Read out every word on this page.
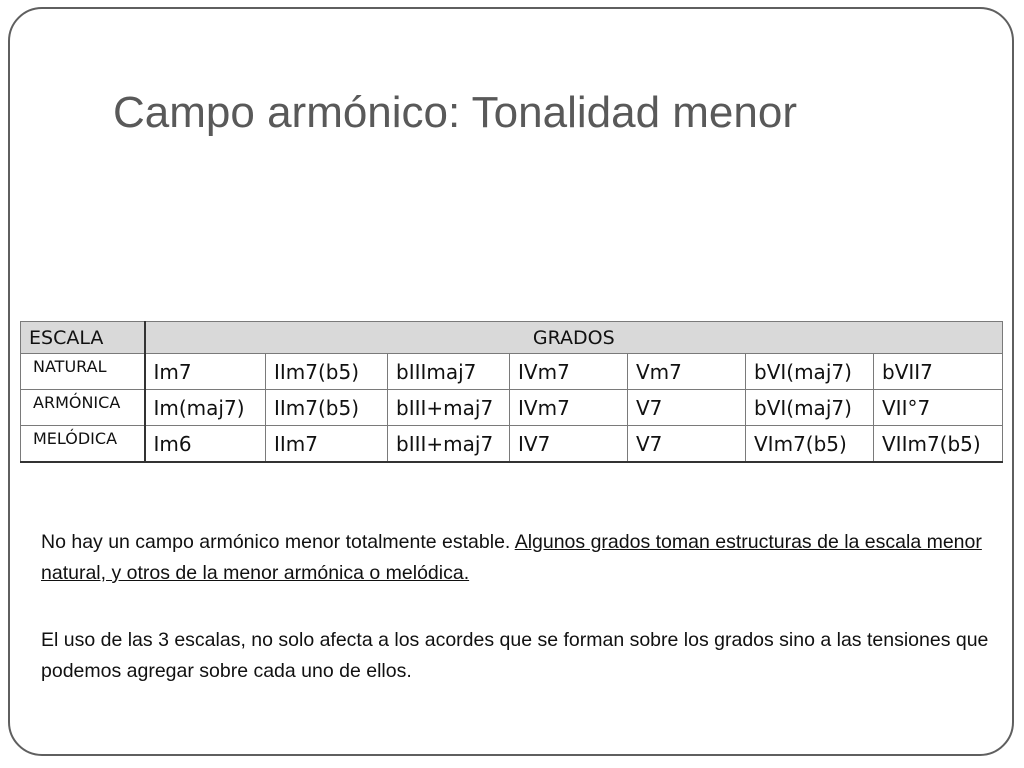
Campo armónico: Tonalidad menor
ESCALA	GRADOS						
NATURAL	Im7	IIm7(b5)	bIIImaj7	IVm7	Vm7	bVI(maj7)	bVII7
ARMÓNICA	Im(maj7)	IIm7(b5)	bIII+maj7	IVm7	V7	bVI(maj7)	VII°7
MELÓDICA	Im6	IIm7	bIII+maj7	IV7	V7	VIm7(b5)	VIIm7(b5)
No hay un campo armónico menor totalmente estable. Algunos grados toman estructuras de la escala menor natural, y otros de la menor armónica o melódica.
El uso de las 3 escalas, no solo afecta a los acordes que se forman sobre los grados sino a las tensiones que podemos agregar sobre cada uno de ellos.
